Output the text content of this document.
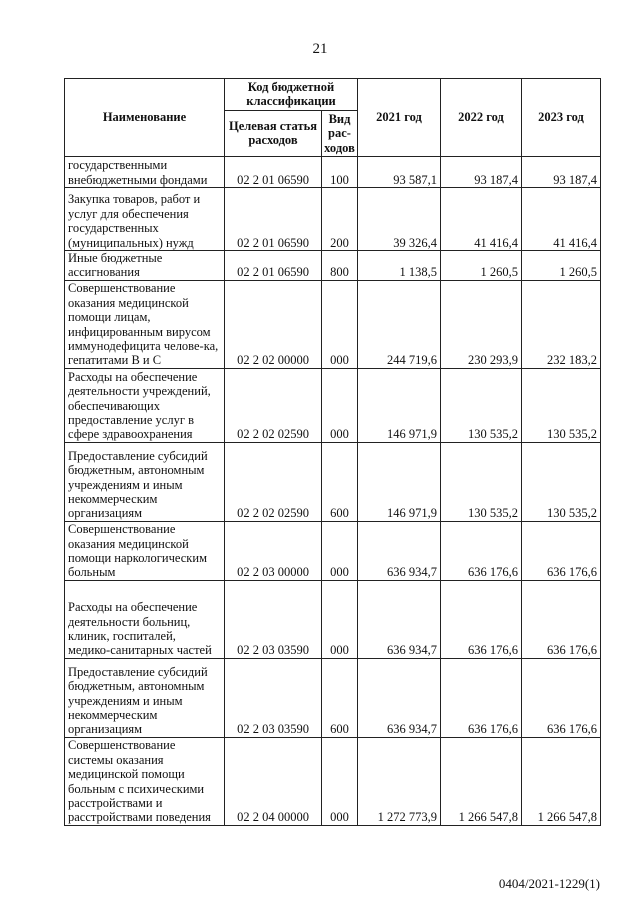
21
Наименование	Код бюджетной классификации		2021 год	2022 год	2023 год
	Целевая статья расходов	Вид рас-ходов			
государственными внебюджетными фондами	02 2 01 06590	100	93 587,1	93 187,4	93 187,4
Закупка товаров, работ и услуг для обеспечения государственных (муниципальных) нужд	02 2 01 06590	200	39 326,4	41 416,4	41 416,4
Иные бюджетные ассигнования	02 2 01 06590	800	1 138,5	1 260,5	1 260,5
Совершенствование оказания медицинской помощи лицам, инфицированным вирусом иммунодефицита челове-ка, гепатитами В и С	02 2 02 00000	000	244 719,6	230 293,9	232 183,2
Расходы на обеспечение деятельности учреждений, обеспечивающих предоставление услуг в сфере здравоохранения	02 2 02 02590	000	146 971,9	130 535,2	130 535,2
Предоставление субсидий бюджетным, автономным учреждениям и иным некоммерческим организациям	02 2 02 02590	600	146 971,9	130 535,2	130 535,2
Совершенствование оказания медицинской помощи наркологическим больным	02 2 03 00000	000	636 934,7	636 176,6	636 176,6
Расходы на обеспечение деятельности больниц, клиник, госпиталей, медико-санитарных частей	02 2 03 03590	000	636 934,7	636 176,6	636 176,6
Предоставление субсидий бюджетным, автономным учреждениям и иным некоммерческим организациям	02 2 03 03590	600	636 934,7	636 176,6	636 176,6
Совершенствование системы оказания медицинской помощи больным с психическими расстройствами и расстройствами поведения	02 2 04 00000	000	1 272 773,9	1 266 547,8	1 266 547,8
0404/2021-1229(1)
